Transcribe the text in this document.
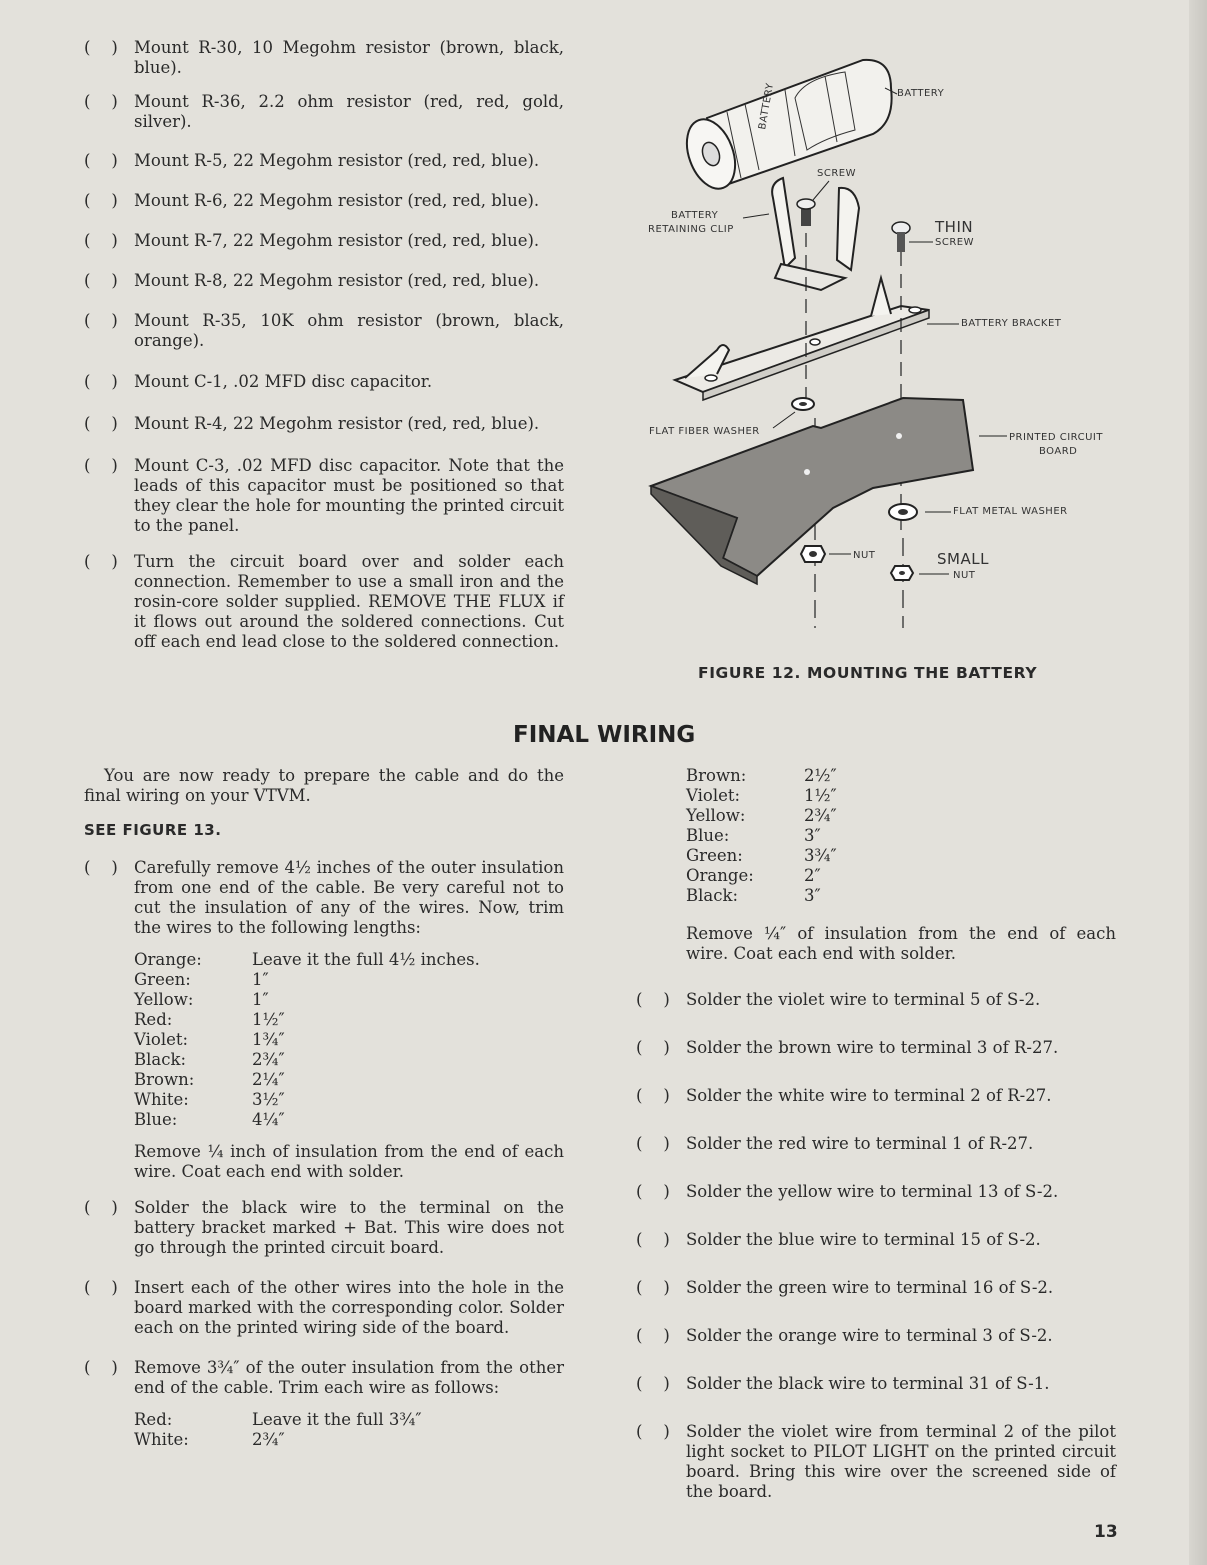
( )
Mount R-30, 10 Megohm resistor (brown, black, blue).
( )
Mount R-36, 2.2 ohm resistor (red, red, gold, silver).
( )
Mount R-5, 22 Megohm resistor (red, red, blue).
( )
Mount R-6, 22 Megohm resistor (red, red, blue).
( )
Mount R-7, 22 Megohm resistor (red, red, blue).
( )
Mount R-8, 22 Megohm resistor (red, red, blue).
( )
Mount R-35, 10K ohm resistor (brown, black, orange).
( )
Mount C-1, .02 MFD disc capacitor.
( )
Mount R-4, 22 Megohm resistor (red, red, blue).
( )
Mount C-3, .02 MFD disc capacitor. Note that the leads of this capacitor must be positioned so that they clear the hole for mounting the printed circuit to the panel.
( )
Turn the circuit board over and solder each connection. Remember to use a small iron and the rosin-core solder supplied. REMOVE THE FLUX if it flows out around the soldered connections. Cut off each end lead close to the soldered connection.
BATTERY	BATTERY
SCREW
BATTERY
RETAINING CLIP	THIN
SCREW
BATTERY BRACKET
FLAT FIBER WASHER
PRINTED CIRCUIT
BOARD
FLAT METAL WASHER
NUT	SMALL
NUT
FIGURE 12. MOUNTING THE BATTERY
FINAL WIRING
You are now ready to prepare the cable and do the final wiring on your VTVM.
SEE FIGURE 13.
( )
Carefully remove 4½ inches of the outer insulation from one end of the cable. Be very careful not to cut the insulation of any of the wires. Now, trim the wires to the following lengths:
Orange:	Leave it the full 4½ inches.
Green:	1″
Yellow:	1″
Red:	1½″
Violet:	1¾″
Black:	2¾″
Brown:	2¼″
White:	3½″
Blue:	4¼″
Remove ¼ inch of insulation from the end of each wire. Coat each end with solder.
( )
Solder the black wire to the terminal on the battery bracket marked + Bat. This wire does not go through the printed circuit board.
( )
Insert each of the other wires into the hole in the board marked with the corresponding color. Solder each on the printed wiring side of the board.
( )
Remove 3¾″ of the outer insulation from the other end of the cable. Trim each wire as follows:
Red:	Leave it the full 3¾″
White:	2¾″
Brown:	2½″
Violet:	1½″
Yellow:	2¾″
Blue:	3″
Green:	3¾″
Orange:	2″
Black:	3″
Remove ¼″ of insulation from the end of each wire. Coat each end with solder.
( )
Solder the violet wire to terminal 5 of S-2.
( )
Solder the brown wire to terminal 3 of R-27.
( )
Solder the white wire to terminal 2 of R-27.
( )
Solder the red wire to terminal 1 of R-27.
( )
Solder the yellow wire to terminal 13 of S-2.
( )
Solder the blue wire to terminal 15 of S-2.
( )
Solder the green wire to terminal 16 of S-2.
( )
Solder the orange wire to terminal 3 of S-2.
( )
Solder the black wire to terminal 31 of S-1.
( )
Solder the violet wire from terminal 2 of the pilot light socket to PILOT LIGHT on the printed circuit board. Bring this wire over the screened side of the board.
13
